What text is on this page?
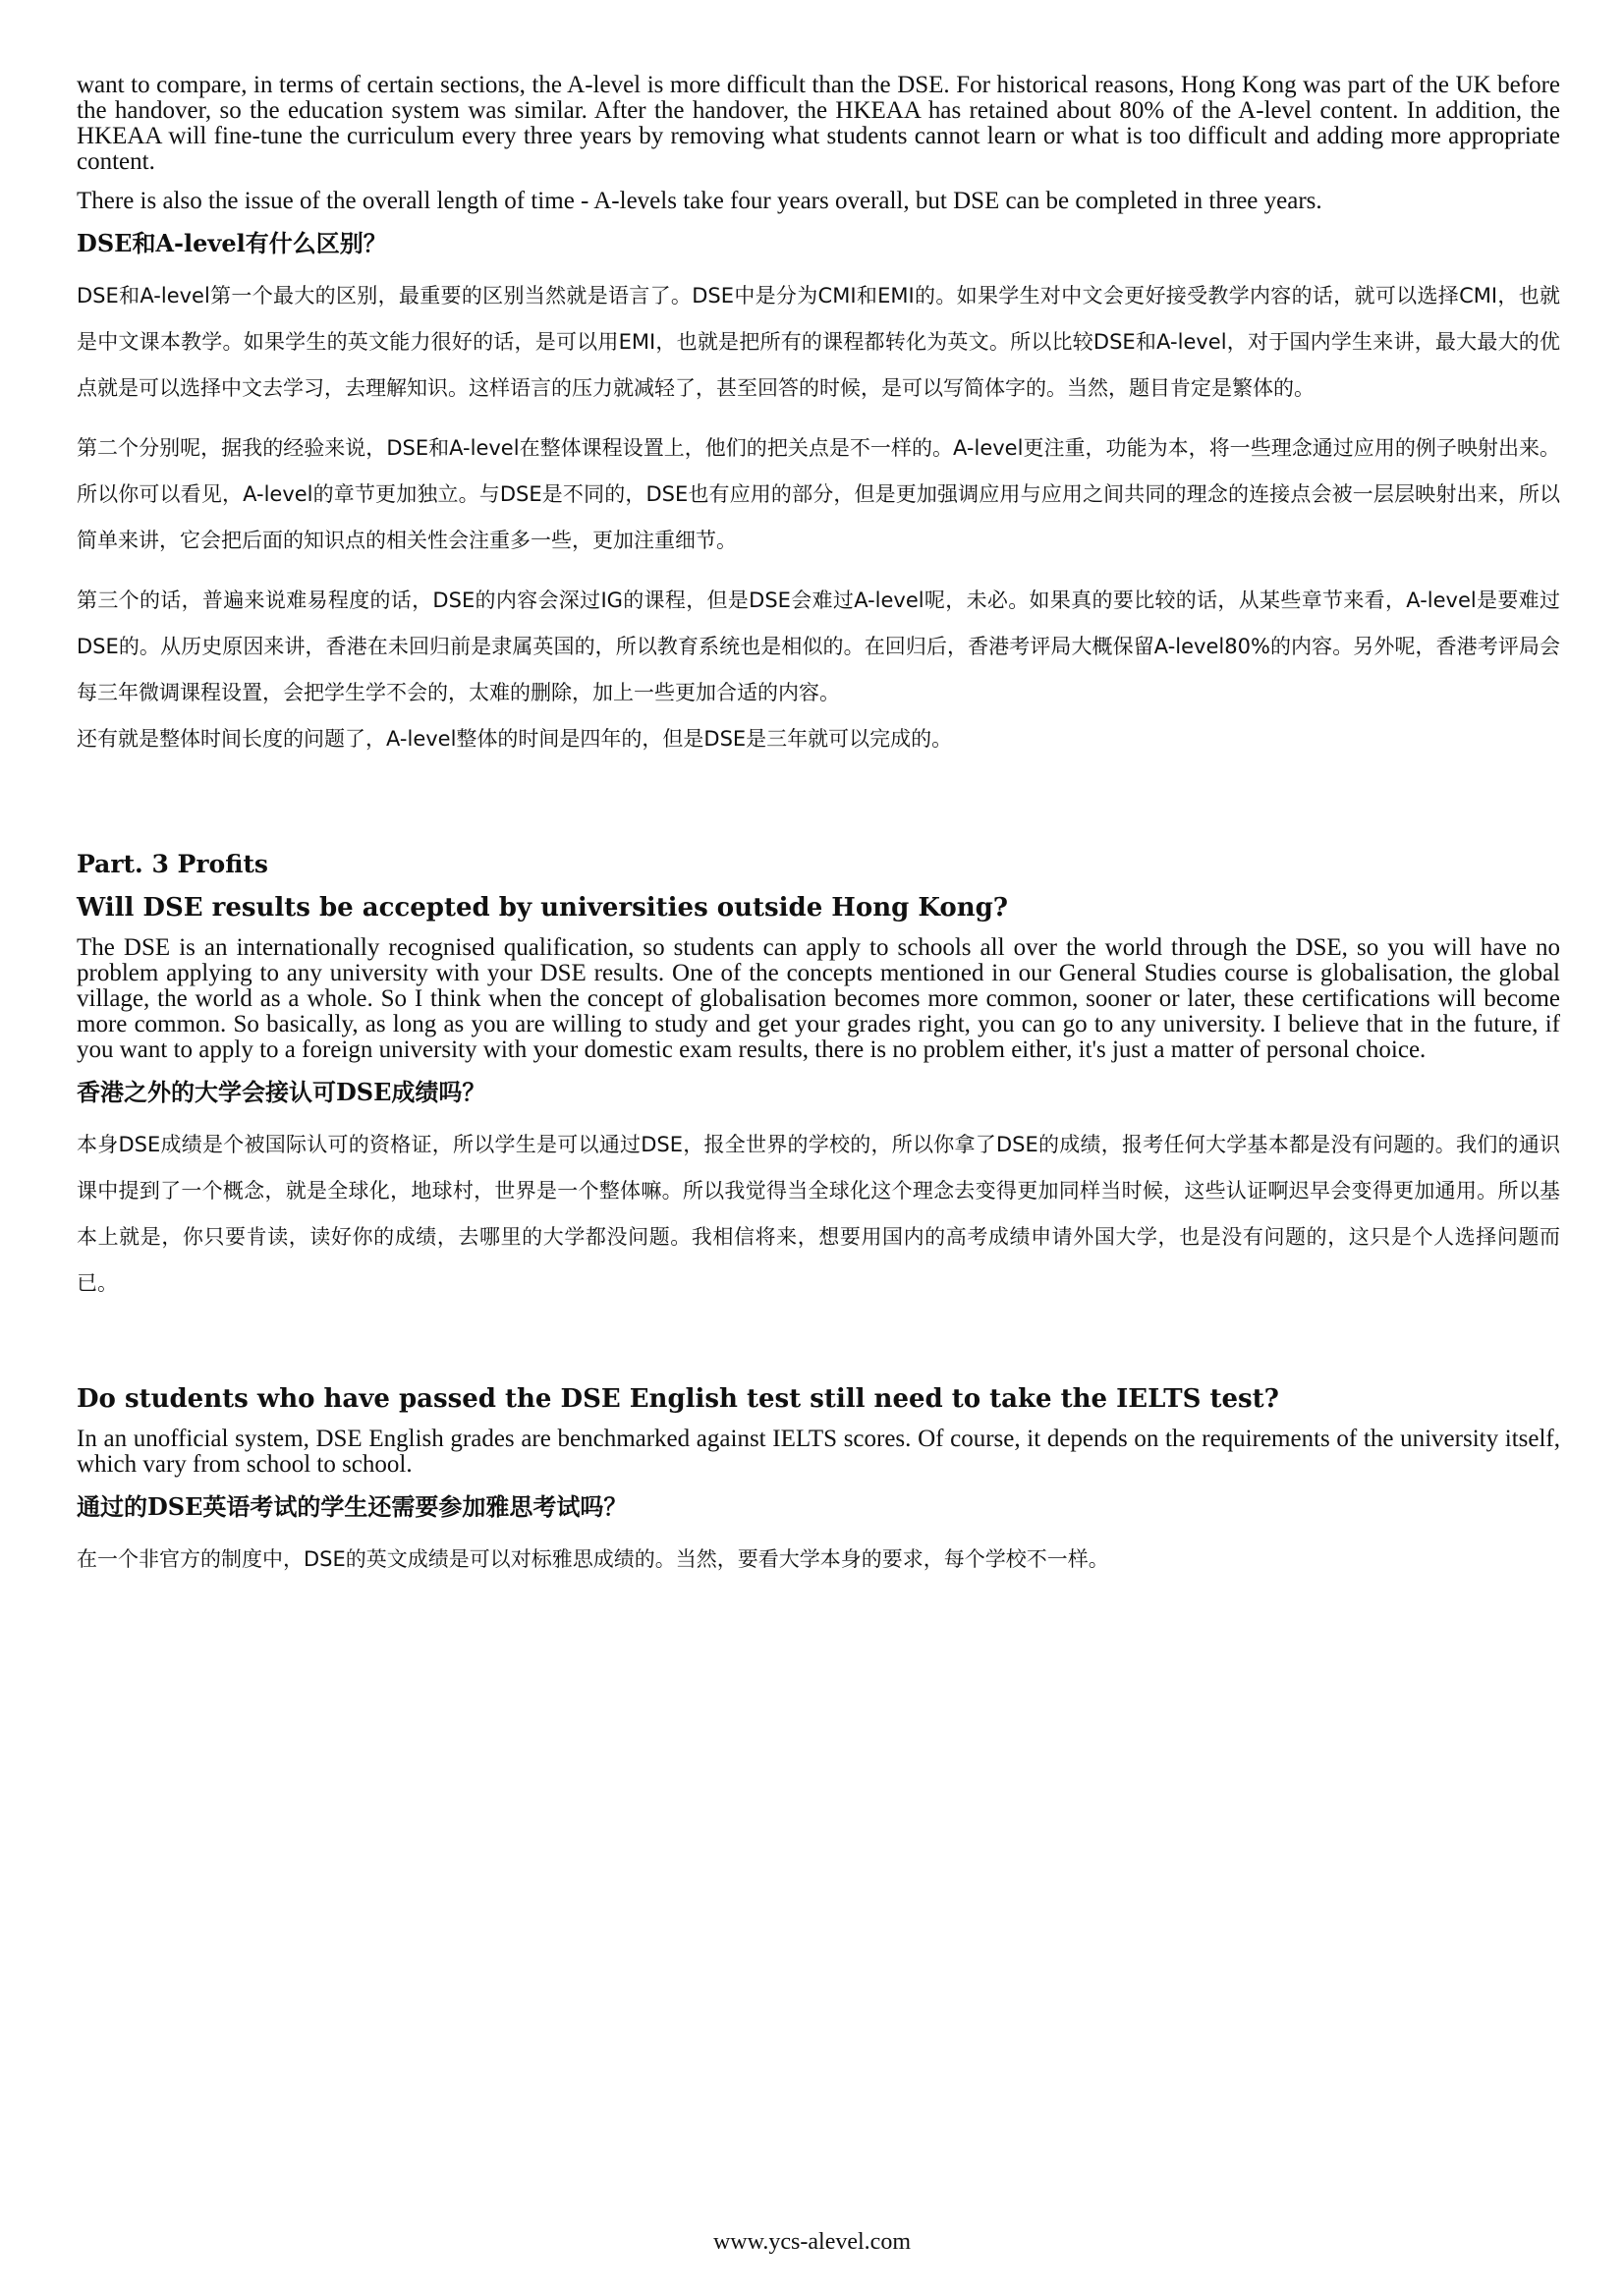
want to compare, in terms of certain sections, the A-level is more difficult than the DSE. For historical reasons, Hong Kong was part of the UK before the handover, so the education system was similar. After the handover, the HKEAA has retained about 80% of the A-level content. In addition, the HKEAA will fine-tune the curriculum every three years by removing what students cannot learn or what is too difficult and adding more appropriate content.

There is also the issue of the overall length of time - A-levels take four years overall, but DSE can be completed in three years.

DSE和A-level有什么区别？

DSE和A-level第一个最大的区别，最重要的区别当然就是语言了。DSE中是分为CMI和EMI的。如果学生对中文会更好接受教学内容的话，就可以选择CMI，也就是中文课本教学。如果学生的英文能力很好的话，是可以用EMI，也就是把所有的课程都转化为英文。所以比较DSE和A-level，对于国内学生来讲，最大最大的优点就是可以选择中文去学习，去理解知识。这样语言的压力就减轻了，甚至回答的时候，是可以写简体字的。当然，题目肯定是繁体的。

第二个分别呢，据我的经验来说，DSE和A-level在整体课程设置上，他们的把关点是不一样的。A-level更注重，功能为本，将一些理念通过应用的例子映射出来。所以你可以看见，A-level的章节更加独立。与DSE是不同的，DSE也有应用的部分，但是更加强调应用与应用之间共同的理念的连接点会被一层层映射出来，所以简单来讲，它会把后面的知识点的相关性会注重多一些，更加注重细节。

第三个的话，普遍来说难易程度的话，DSE的内容会深过IG的课程，但是DSE会难过A-level呢，未必。如果真的要比较的话，从某些章节来看，A-level是要难过DSE的。从历史原因来讲，香港在未回归前是隶属英国的，所以教育系统也是相似的。在回归后，香港考评局大概保留A-level80%的内容。另外呢，香港考评局会每三年微调课程设置，会把学生学不会的，太难的删除，加上一些更加合适的内容。

还有就是整体时间长度的问题了，A-level整体的时间是四年的，但是DSE是三年就可以完成的。

Part. 3 Profits
Will DSE results be accepted by universities outside Hong Kong?

The DSE is an internationally recognised qualification, so students can apply to schools all over the world through the DSE, so you will have no problem applying to any university with your DSE results. One of the concepts mentioned in our General Studies course is globalisation, the global village, the world as a whole. So I think when the concept of globalisation becomes more common, sooner or later, these certifications will become more common. So basically, as long as you are willing to study and get your grades right, you can go to any university. I believe that in the future, if you want to apply to a foreign university with your domestic exam results, there is no problem either, it's just a matter of personal choice.

香港之外的大学会接认可DSE成绩吗？

本身DSE成绩是个被国际认可的资格证，所以学生是可以通过DSE，报全世界的学校的，所以你拿了DSE的成绩，报考任何大学基本都是没有问题的。我们的通识课中提到了一个概念，就是全球化，地球村，世界是一个整体嘛。所以我觉得当全球化这个理念去变得更加同样当时候，这些认证啊迟早会变得更加通用。所以基本上就是，你只要肯读，读好你的成绩，去哪里的大学都没问题。我相信将来，想要用国内的高考成绩申请外国大学，也是没有问题的，这只是个人选择问题而已。

Do students who have passed the DSE English test still need to take the IELTS test?

In an unofficial system, DSE English grades are benchmarked against IELTS scores. Of course, it depends on the requirements of the university itself, which vary from school to school.

通过的DSE英语考试的学生还需要参加雅思考试吗？

在一个非官方的制度中，DSE的英文成绩是可以对标雅思成绩的。当然，要看大学本身的要求，每个学校不一样。

www.ycs-alevel.com
